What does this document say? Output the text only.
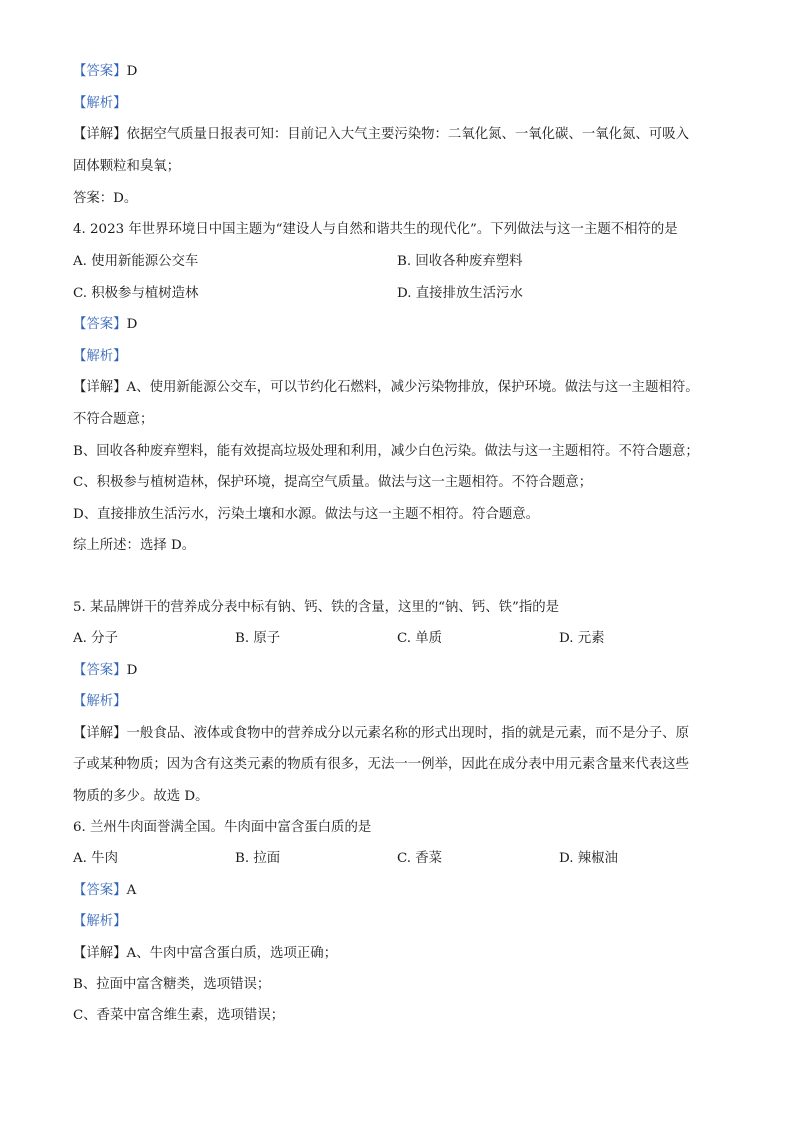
【答案】D
【解析】
【详解】依据空气质量日报表可知：目前记入大气主要污染物：二氧化氮、一氧化碳、一氧化氮、可吸入
固体颗粒和臭氧；
答案：D。
4. 2023 年世界环境日中国主题为“建设人与自然和谐共生的现代化”。下列做法与这一主题不相符的是
【答案】D
【解析】
【详解】A、使用新能源公交车，可以节约化石燃料，减少污染物排放，保护环境。做法与这一主题相符。
不符合题意；
B、回收各种废弃塑料，能有效提高垃圾处理和利用，减少白色污染。做法与这一主题相符。不符合题意；
C、积极参与植树造林，保护环境，提高空气质量。做法与这一主题相符。不符合题意；
D、直接排放生活污水，污染土壤和水源。做法与这一主题不相符。符合题意。
综上所述：选择 D。
5. 某品牌饼干的营养成分表中标有钠、钙、铁的含量，这里的“钠、钙、铁”指的是
【答案】D
【解析】
【详解】一般食品、液体或食物中的营养成分以元素名称的形式出现时，指的就是元素，而不是分子、原
子或某种物质；因为含有这类元素的物质有很多，无法一一例举，因此在成分表中用元素含量来代表这些
物质的多少。故选 D。
6. 兰州牛肉面誉满全国。牛肉面中富含蛋白质的是
【答案】A
【解析】
【详解】A、牛肉中富含蛋白质，选项正确；
B、拉面中富含糖类，选项错误；
C、香菜中富含维生素，选项错误；
A. 使用新能源公交车	B. 回收各种废弃塑料
C. 积极参与植树造林	D. 直接排放生活污水
A. 分子	B. 原子	C. 单质	D. 元素
A. 牛肉	B. 拉面	C. 香菜	D. 辣椒油
